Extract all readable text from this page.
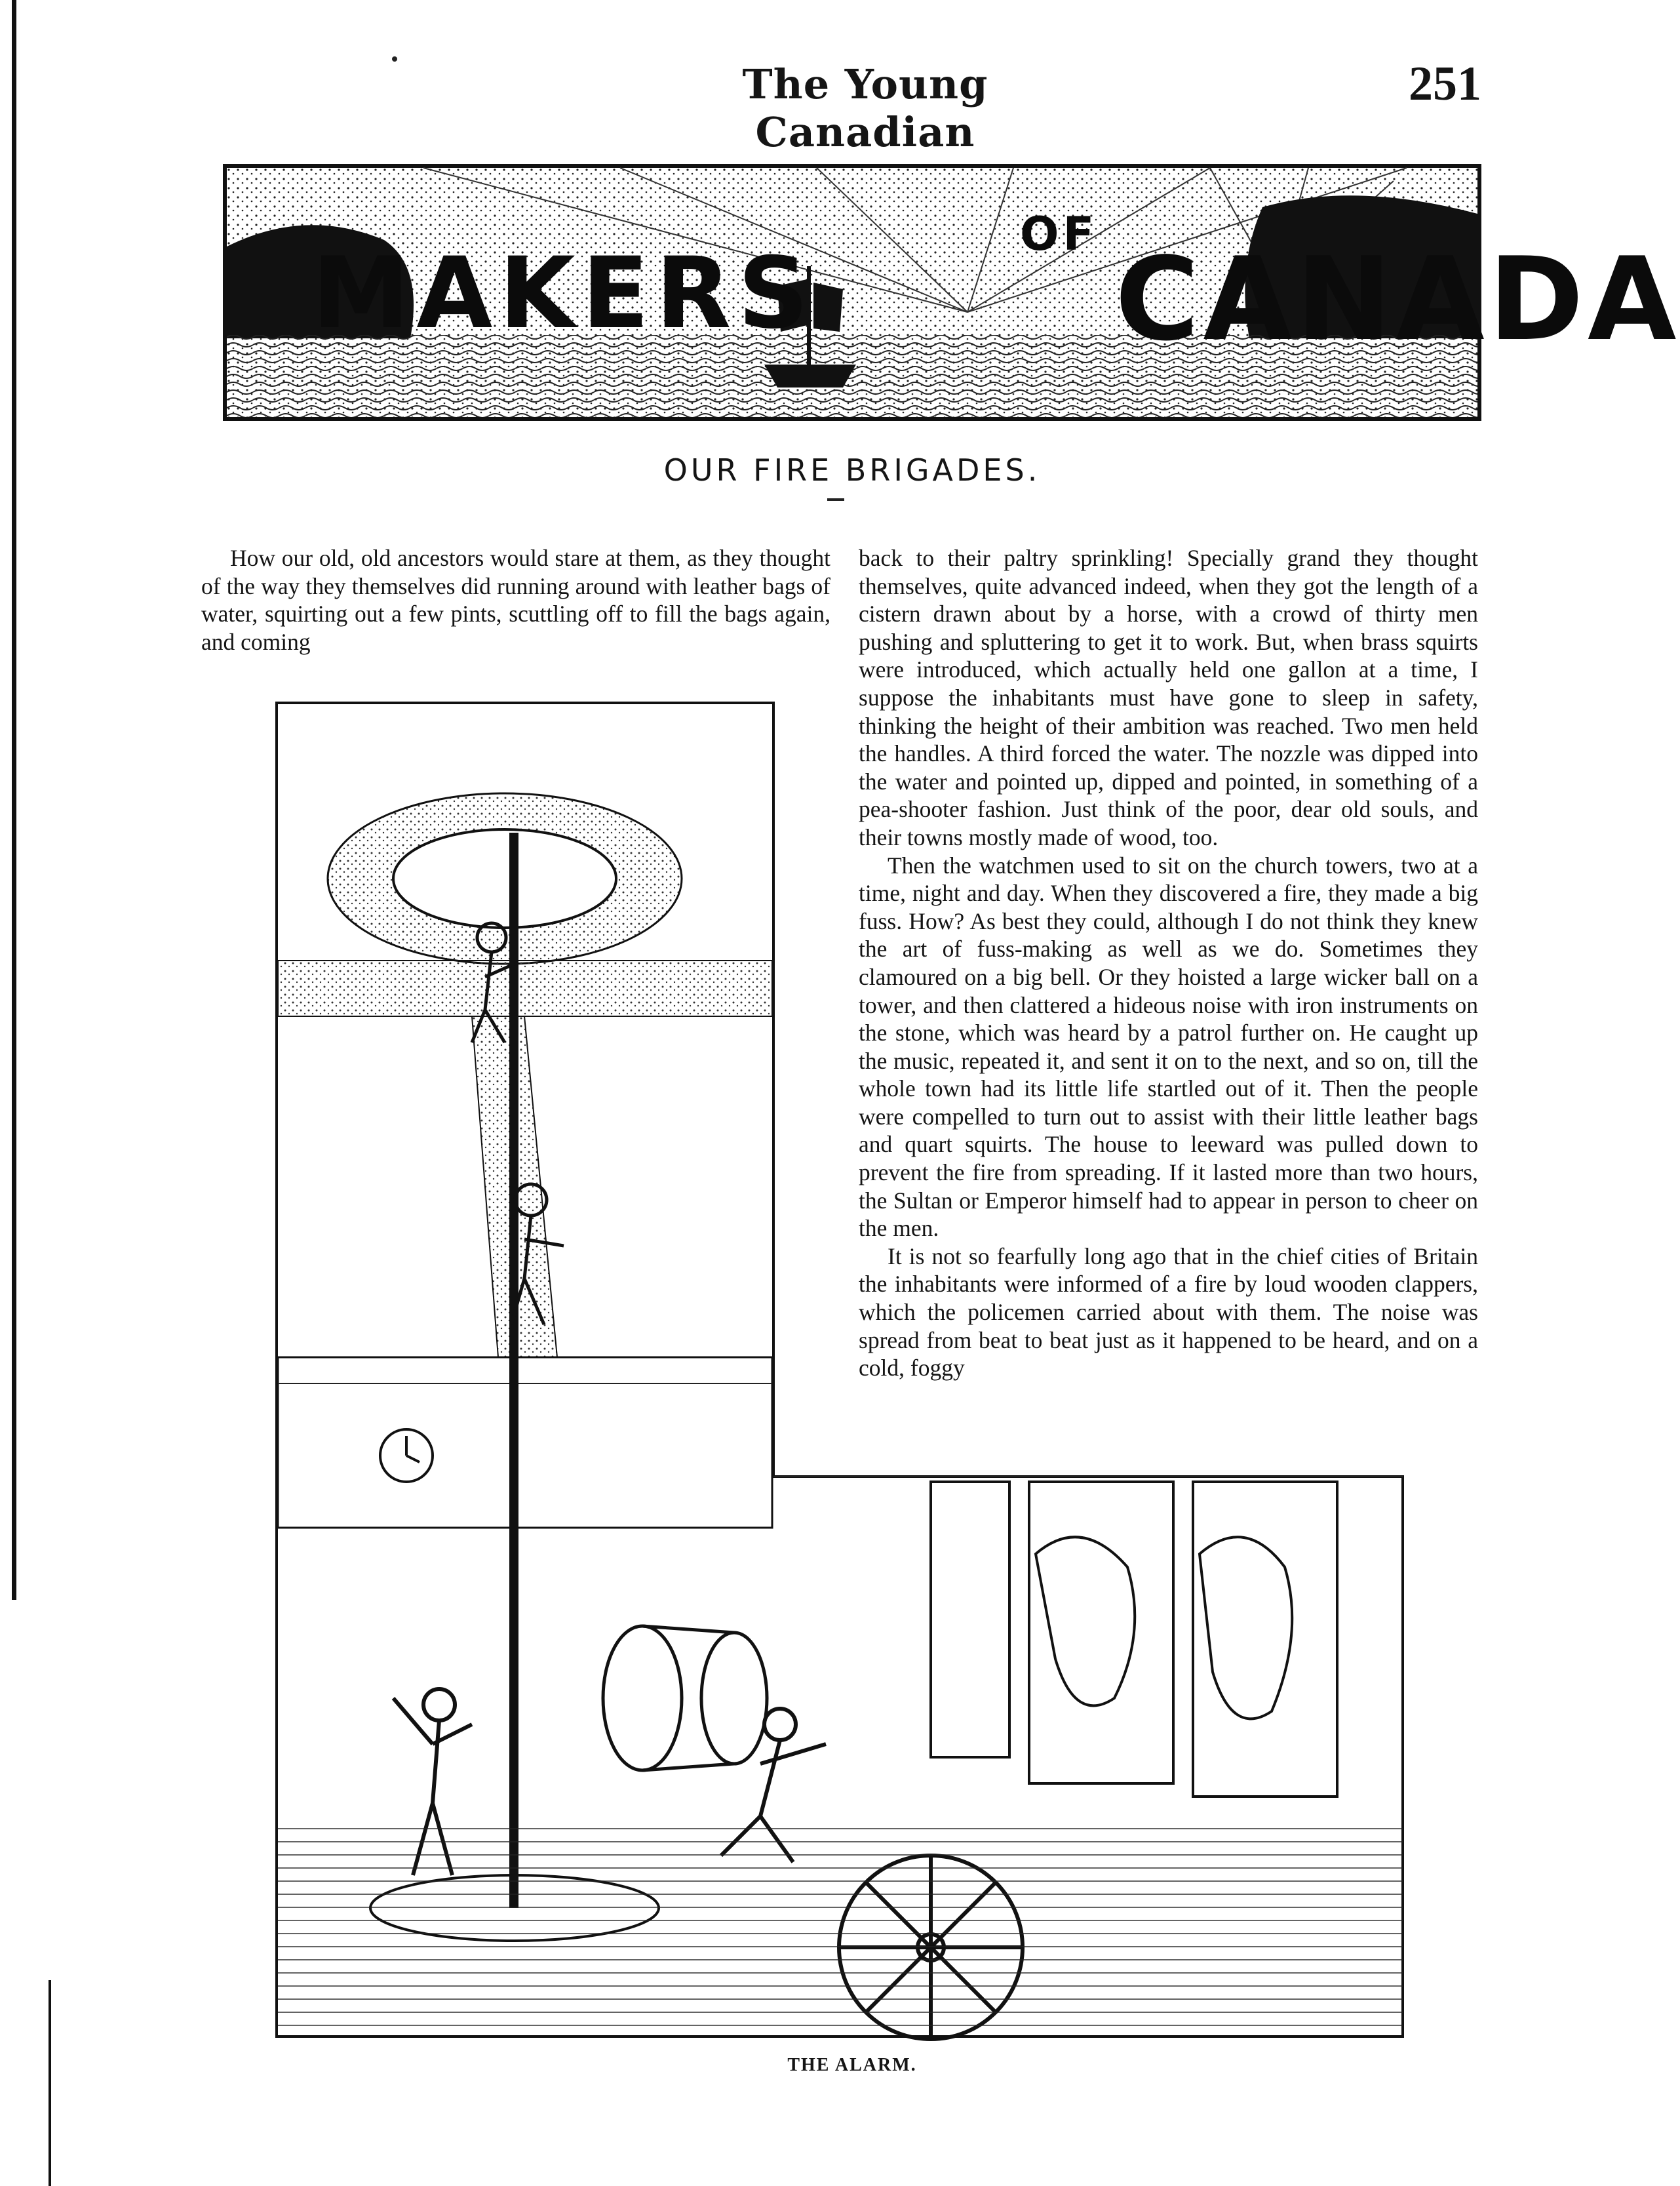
The Young Canadian
251
MAKERS
OF CANADA
OUR FIRE BRIGADES.

How our old, old ancestors would stare at them, as they thought of the way they themselves did running around with leather bags of water, squirting out a few pints, scuttling off to fill the bags again, and coming

back to their paltry sprinkling! Specially grand they thought themselves, quite advanced indeed, when they got the length of a cistern drawn about by a horse, with a crowd of thirty men pushing and spluttering to get it to work. But, when brass squirts were introduced, which actually held one gallon at a time, I suppose the inhabitants must have gone to sleep in safety, thinking the height of their ambition was reached. Two men held the handles. A third forced the water. The nozzle was dipped into the water and pointed up, dipped and pointed, in something of a pea-shooter fashion. Just think of the poor, dear old souls, and their towns mostly made of wood, too.

Then the watchmen used to sit on the church towers, two at a time, night and day. When they discovered a fire, they made a big fuss. How? As best they could, although I do not think they knew the art of fuss-making as well as we do. Sometimes they clamoured on a big bell. Or they hoisted a large wicker ball on a tower, and then clattered a hideous noise with iron instruments on the stone, which was heard by a patrol further on. He caught up the music, repeated it, and sent it on to the next, and so on, till the whole town had its little life startled out of it. Then the people were compelled to turn out to assist with their little leather bags and quart squirts. The house to leeward was pulled down to prevent the fire from spreading. If it lasted more than two hours, the Sultan or Emperor himself had to appear in person to cheer on the men.

It is not so fearfully long ago that in the chief cities of Britain the inhabitants were informed of a fire by loud wooden clappers, which the policemen carried about with them. The noise was spread from beat to beat just as it happened to be heard, and on a cold, foggy

THE ALARM.
